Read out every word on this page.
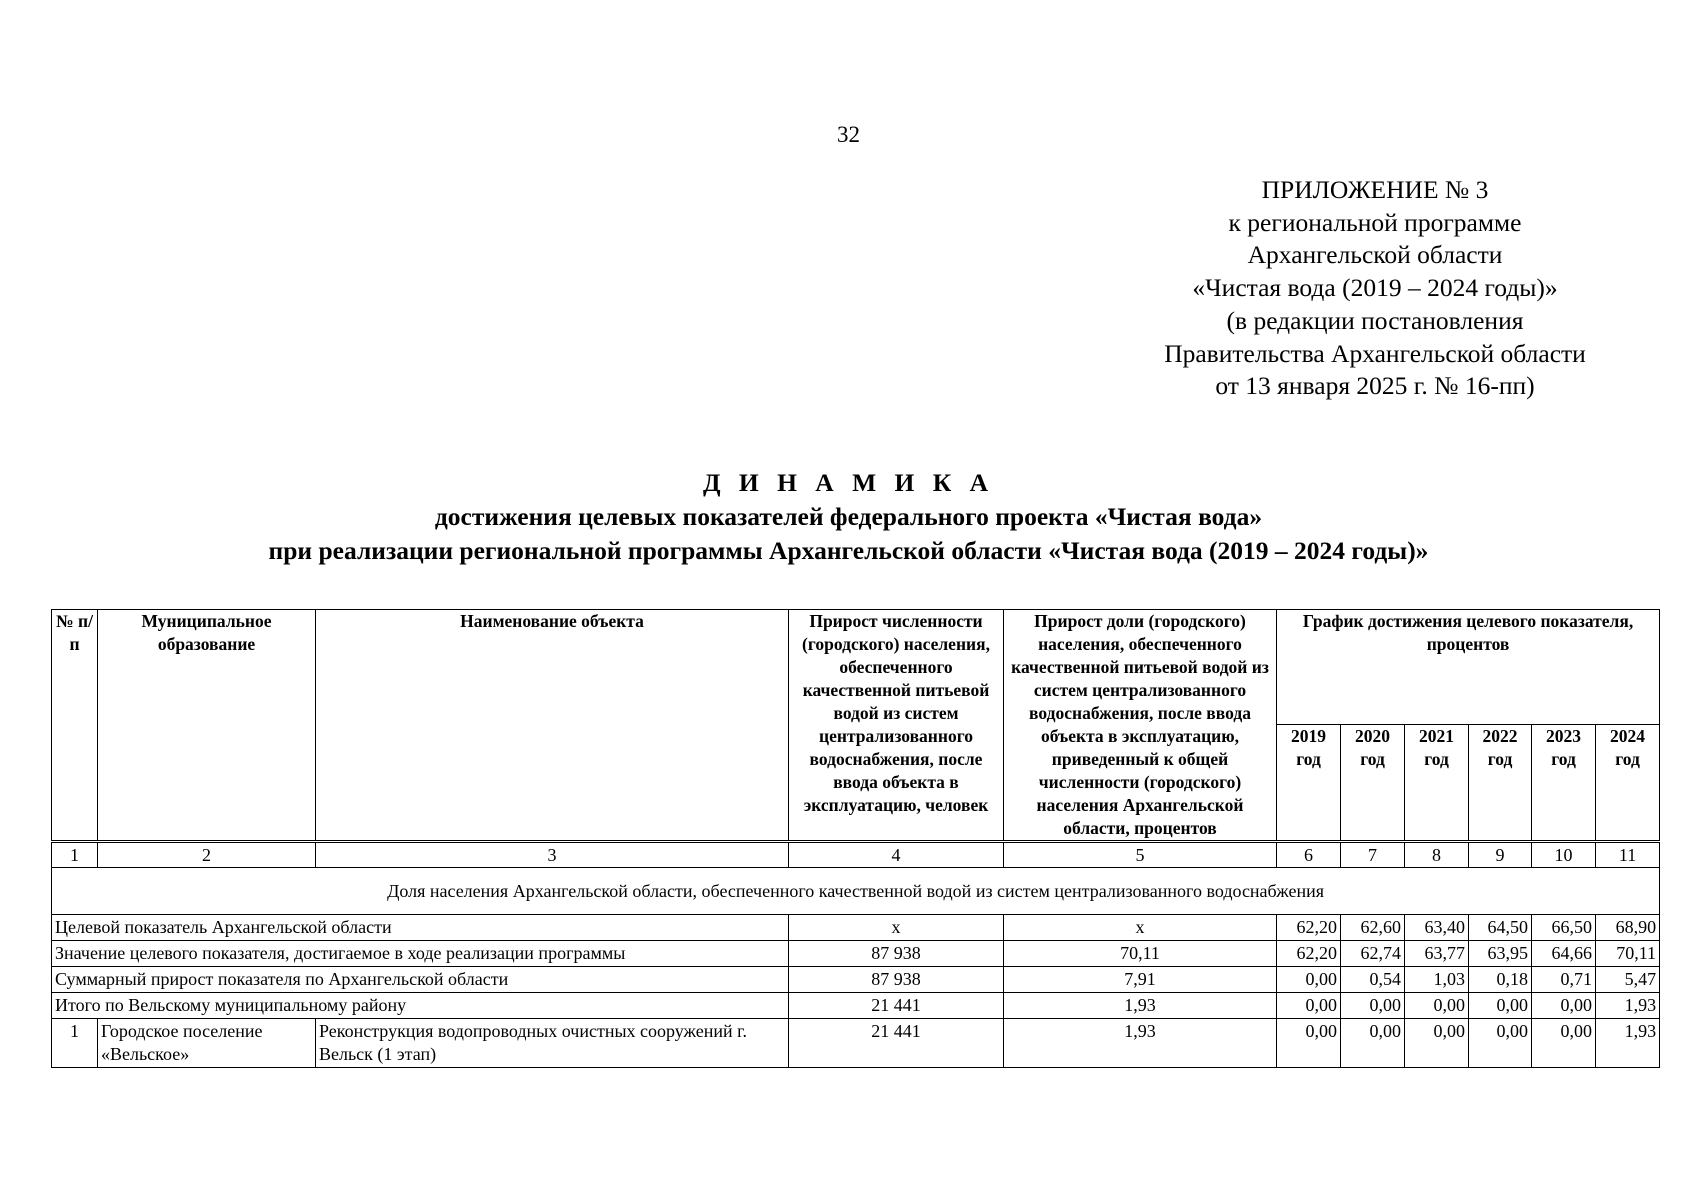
32
ПРИЛОЖЕНИЕ № 3
к региональной программе
Архангельской области
«Чистая вода (2019 – 2024 годы)»
(в редакции постановления
Правительства Архангельской области
от 13 января 2025 г. № 16-пп)
Д И Н А М И К А
достижения целевых показателей федерального проекта «Чистая вода»
при реализации региональной программы Архангельской области «Чистая вода (2019 – 2024 годы)»
№ п/п	Муниципальное образование	Наименование объекта	Прирост численности (городского) населения, обеспеченного качественной питьевой водой из систем централизованного водоснабжения, после ввода объекта в эксплуатацию, человек	Прирост доли (городского) населения, обеспеченного качественной питьевой водой из систем централизованного водоснабжения, после ввода объекта в эксплуатацию, приведенный к общей численности (городского) населения Архангельской области, процентов	График достижения целевого показателя, процентов					
					2019 год	2020 год	2021 год	2022 год	2023 год	2024 год
1	2	3	4	5	6	7	8	9	10	11
Доля населения Архангельской области, обеспеченного качественной водой из систем централизованного водоснабжения										
Целевой показатель Архангельской области			х	х	62,20	62,60	63,40	64,50	66,50	68,90
Значение целевого показателя, достигаемое в ходе реализации программы			87 938	70,11	62,20	62,74	63,77	63,95	64,66	70,11
Суммарный прирост показателя по Архангельской области			87 938	7,91	0,00	0,54	1,03	0,18	0,71	5,47
Итого по Вельскому муниципальному району			21 441	1,93	0,00	0,00	0,00	0,00	0,00	1,93
1	Городское поселение «Вельское»	Реконструкция водопроводных очистных сооружений г. Вельск (1 этап)	21 441	1,93	0,00	0,00	0,00	0,00	0,00	1,93
